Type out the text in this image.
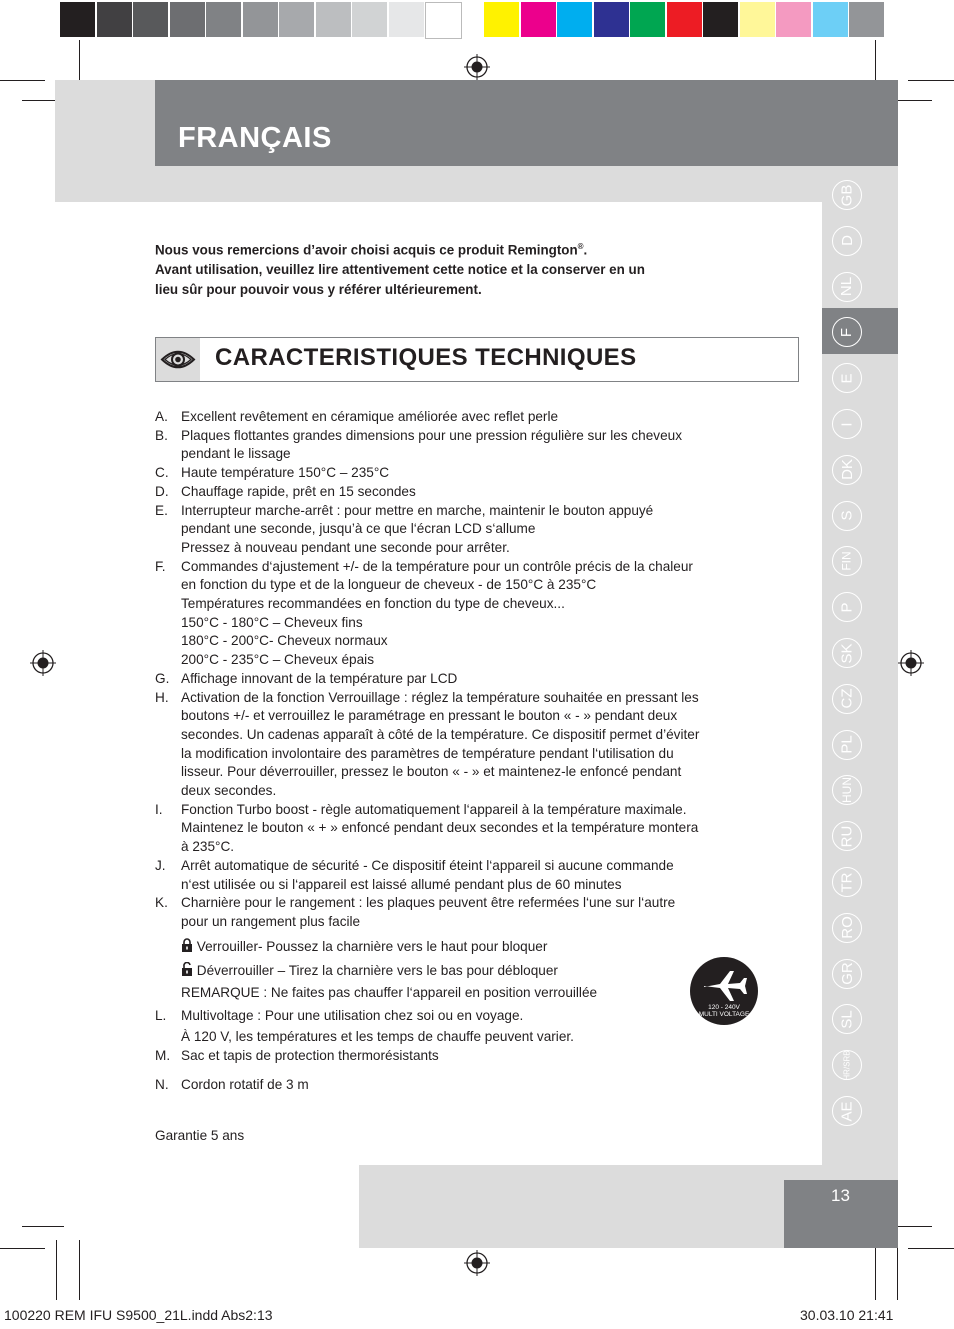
FRANÇAIS
GB
D
NL
F
E
I
DK
S
FIN
P
SK
CZ
PL
HUN
RU
TR
RO
GR
SL
HR/SRB
AE
Nous vous remercions d’avoir choisi acquis ce produit Remington®.
Avant utilisation, veuillez lire attentivement cette notice et la conserver en un
lieu sûr pour pouvoir vous y référer ultérieurement.
CARACTERISTIQUES TECHNIQUES
A. Excellent revêtement en céramique améliorée avec reflet perle
B. Plaques flottantes grandes dimensions pour une pression régulière sur les cheveux
pendant le lissage
C. Haute température 150°C – 235°C
D. Chauffage rapide, prêt en 15 secondes
E. Interrupteur marche-arrêt : pour mettre en marche, maintenir le bouton appuyé
pendant une seconde, jusqu’à ce que l‘écran LCD s‘allume
Pressez à nouveau pendant une seconde pour arrêter.
F.	Commandes d‘ajustement +/- de la température pour un contrôle précis de la chaleur
en fonction du type et de la longueur de cheveux - de 150°C à 235°C
Températures recommandées en fonction du type de cheveux...
150°C - 180°C – Cheveux fins
180°C - 200°C- Cheveux normaux
200°C - 235°C – Cheveux épais
G. Affichage innovant de la température par LCD
H. Activation de la fonction Verrouillage : réglez la température souhaitée en pressant les
boutons +/- et verrouillez le paramétrage en pressant le bouton « - » pendant deux
secondes. Un cadenas apparaît à côté de la température. Ce dispositif permet d’éviter
la modification involontaire des paramètres de température pendant l‘utilisation du
lisseur. Pour déverrouiller, pressez le bouton « - » et maintenez-le enfoncé pendant
deux secondes.
I.	Fonction Turbo boost - règle automatiquement l‘appareil à la température maximale.
Maintenez le bouton « + » enfoncé pendant deux secondes et la température montera
à 235°C.
J.	Arrêt automatique de sécurité - Ce dispositif éteint l‘appareil si aucune commande
n‘est utilisée ou si l‘appareil est laissé allumé pendant plus de 60 minutes
K. Charnière pour le rangement : les plaques peuvent être refermées l‘une sur l‘autre
pour un rangement plus facile
Verrouiller- Poussez la charnière vers le haut pour bloquer
Déverrouiller – Tirez la charnière vers le bas pour débloquer
REMARQUE : Ne faites pas chauffer l‘appareil en position verrouillée
L.	Multivoltage : Pour une utilisation chez soi ou en voyage.
À 120 V, les températures et les temps de chauffe peuvent varier.
M. Sac et tapis de protection thermorésistants
N. Cordon rotatif de 3 m
120 - 240V
MULTI VOLTAGE
Garantie 5 ans
13
100220 REM IFU S9500_21L.indd Abs2:13	30.03.10 21:41
